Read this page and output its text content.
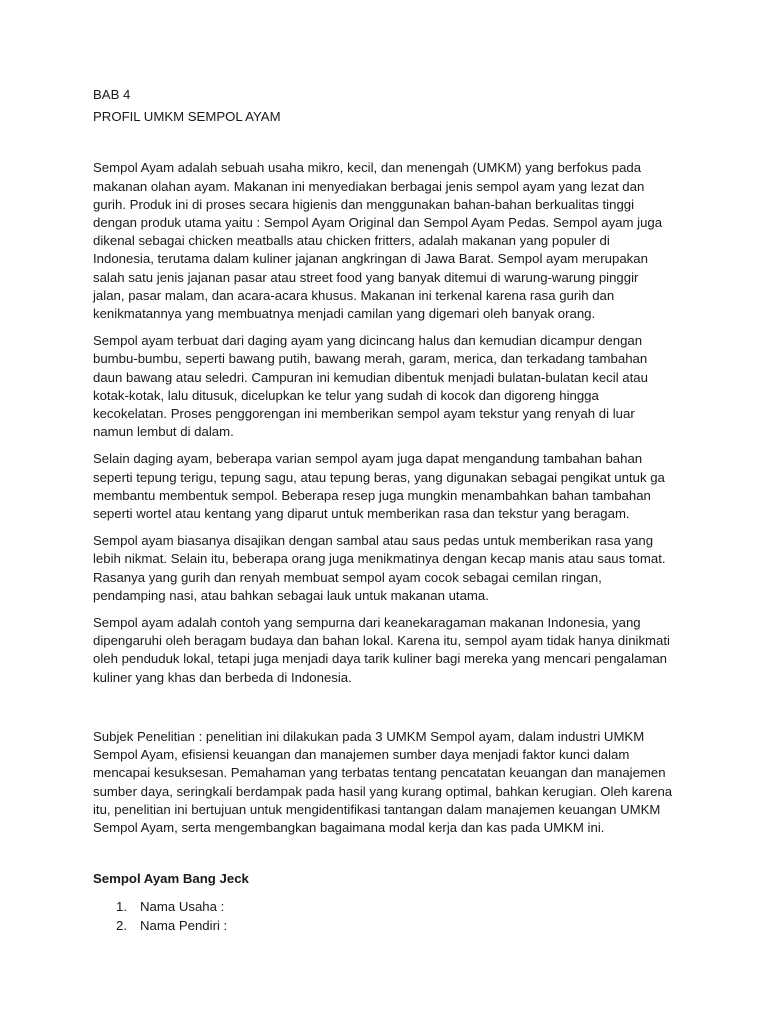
BAB 4

PROFIL UMKM SEMPOL AYAM

Sempol Ayam adalah sebuah usaha mikro, kecil, dan menengah (UMKM) yang berfokus pada makanan olahan ayam. Makanan ini menyediakan berbagai jenis sempol ayam yang lezat dan gurih. Produk ini di proses secara higienis dan menggunakan bahan-bahan berkualitas tinggi dengan produk utama yaitu : Sempol Ayam Original dan Sempol Ayam Pedas. Sempol ayam juga dikenal sebagai chicken meatballs atau chicken fritters, adalah makanan yang populer di Indonesia, terutama dalam kuliner jajanan angkringan di Jawa Barat. Sempol ayam merupakan salah satu jenis jajanan pasar atau street food yang banyak ditemui di warung-warung pinggir jalan, pasar malam, dan acara-acara khusus. Makanan ini terkenal karena rasa gurih dan kenikmatannya yang membuatnya menjadi camilan yang digemari oleh banyak orang.

Sempol ayam terbuat dari daging ayam yang dicincang halus dan kemudian dicampur dengan bumbu-bumbu, seperti bawang putih, bawang merah, garam, merica, dan terkadang tambahan daun bawang atau seledri. Campuran ini kemudian dibentuk menjadi bulatan-bulatan kecil atau kotak-kotak, lalu ditusuk, dicelupkan ke telur yang sudah di kocok dan digoreng hingga kecokelatan. Proses penggorengan ini memberikan sempol ayam tekstur yang renyah di luar namun lembut di dalam.

Selain daging ayam, beberapa varian sempol ayam juga dapat mengandung tambahan bahan seperti tepung terigu, tepung sagu, atau tepung beras, yang digunakan sebagai pengikat untuk ga membantu membentuk sempol. Beberapa resep juga mungkin menambahkan bahan tambahan seperti wortel atau kentang yang diparut untuk memberikan rasa dan tekstur yang beragam.

Sempol ayam biasanya disajikan dengan sambal atau saus pedas untuk memberikan rasa yang lebih nikmat. Selain itu, beberapa orang juga menikmatinya dengan kecap manis atau saus tomat. Rasanya yang gurih dan renyah membuat sempol ayam cocok sebagai cemilan ringan, pendamping nasi, atau bahkan sebagai lauk untuk makanan utama.

Sempol ayam adalah contoh yang sempurna dari keanekaragaman makanan Indonesia, yang dipengaruhi oleh beragam budaya dan bahan lokal. Karena itu, sempol ayam tidak hanya dinikmati oleh penduduk lokal, tetapi juga menjadi daya tarik kuliner bagi mereka yang mencari pengalaman kuliner yang khas dan berbeda di Indonesia.

Subjek Penelitian : penelitian ini dilakukan pada 3 UMKM Sempol ayam, dalam industri UMKM Sempol Ayam, efisiensi keuangan dan manajemen sumber daya menjadi faktor kunci dalam mencapai kesuksesan. Pemahaman yang terbatas tentang pencatatan keuangan dan manajemen sumber daya, seringkali berdampak pada hasil yang kurang optimal, bahkan kerugian. Oleh karena itu, penelitian ini bertujuan untuk mengidentifikasi tantangan dalam manajemen keuangan UMKM Sempol Ayam, serta mengembangkan bagaimana modal kerja dan kas pada UMKM ini.

Sempol Ayam Bang Jeck

1. Nama Usaha :
2. Nama Pendiri :
